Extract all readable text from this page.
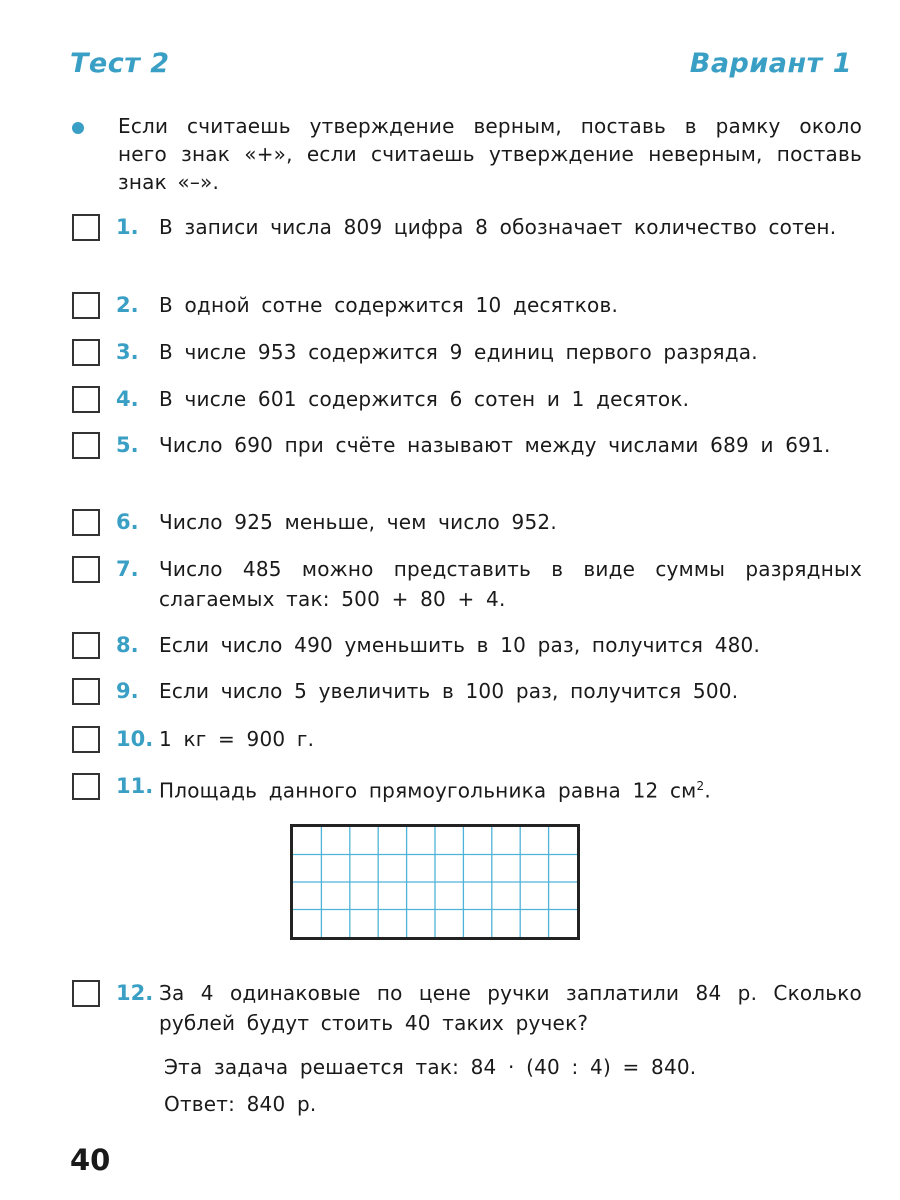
Тест 2	Вариант 1
Если считаешь утверждение верным, поставь в рамку около него знак «+», если считаешь утверждение неверным, поставь знак «–».
1. В записи числа 809 цифра 8 обозначает количество сотен.
2. В одной сотне содержится 10 десятков.
3. В числе 953 содержится 9 единиц первого разряда.
4. В числе 601 содержится 6 сотен и 1 десяток.
5. Число 690 при счёте называют между числами 689 и 691.
6. Число 925 меньше, чем число 952.
7. Число 485 можно представить в виде суммы разрядных слагаемых так: 500 + 80 + 4.
8. Если число 490 уменьшить в 10 раз, получится 480.
9. Если число 5 увеличить в 100 раз, получится 500.
10. 1 кг = 900 г.
11. Площадь данного прямоугольника равна 12 $см^2$.
12. За 4 одинаковые по цене ручки заплатили 84 р. Сколько рублей будут стоить 40 таких ручек?
Эта задача решается так: 84 · (40 : 4) = 840.
Ответ: 840 р.
40
